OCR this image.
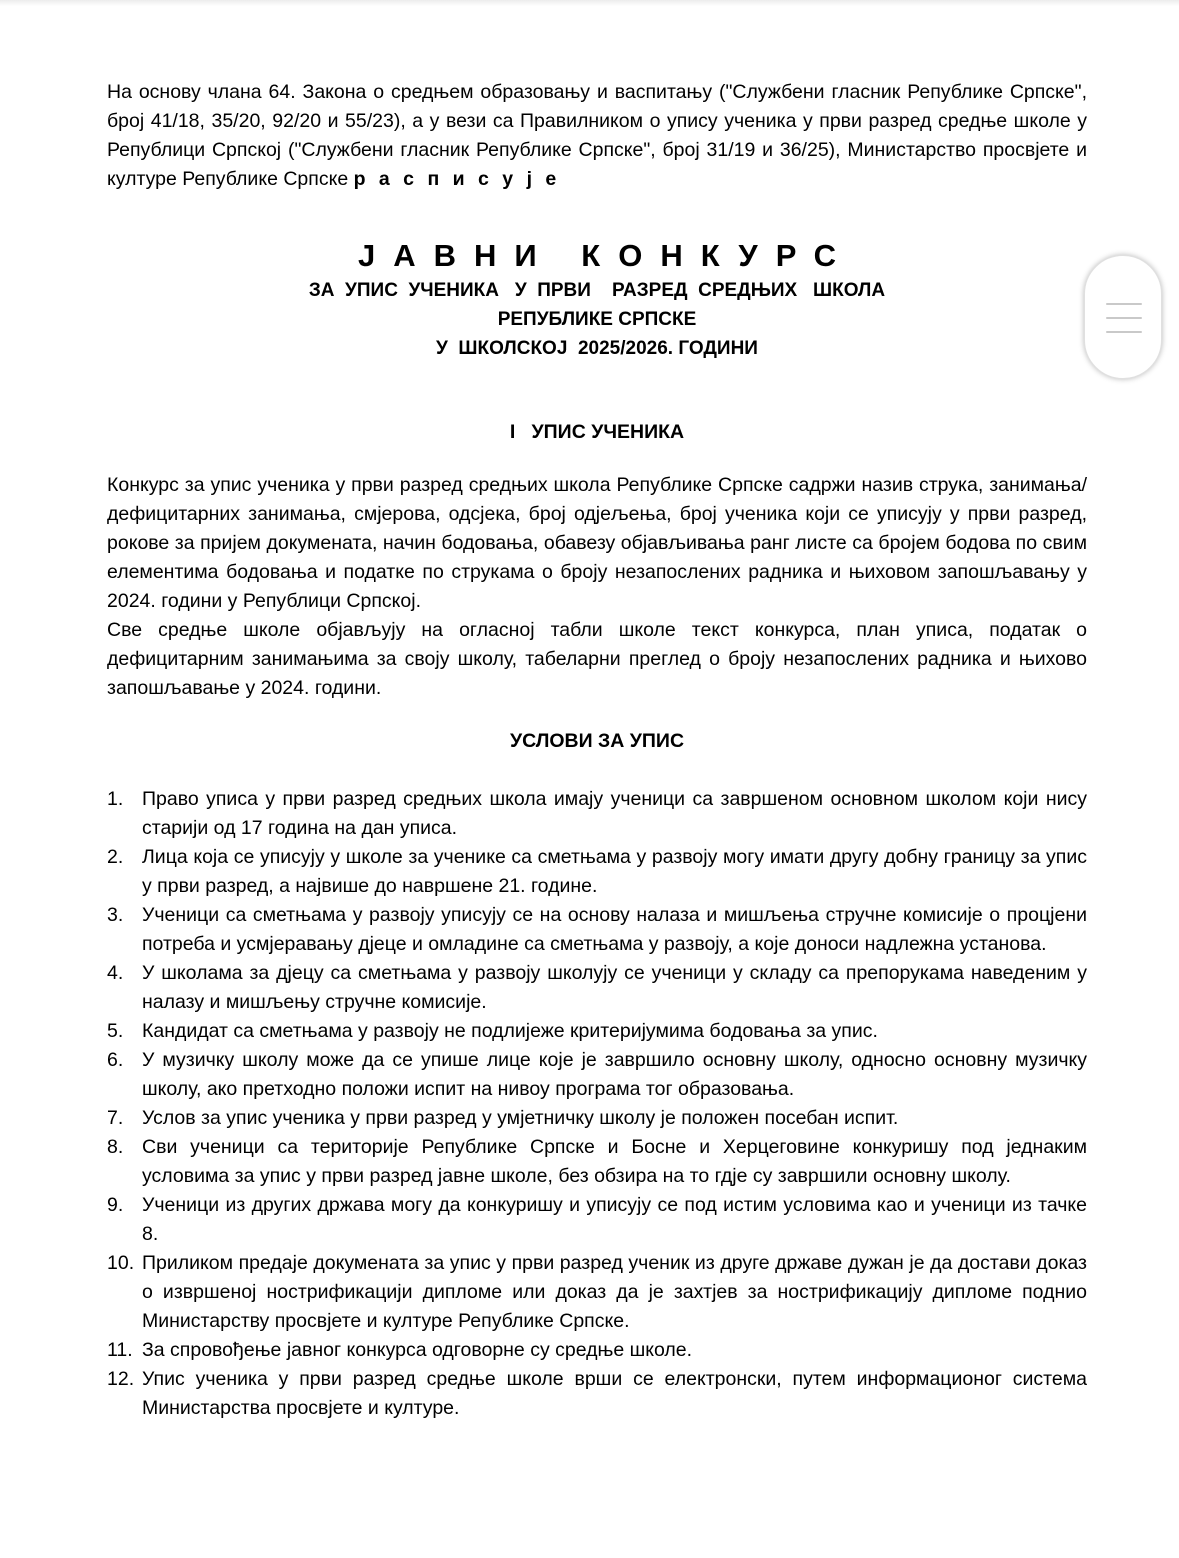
На основу члана 64. Закона о средњем образовању и васпитању ("Службени гласник Републике Српске", број 41/18, 35/20, 92/20 и 55/23), а у вези са Правилником о упису ученика у први разред средње школе у Републици Српској ("Службени гласник Републике Српске", број 31/19 и 36/25), Министарство просвјете и културе Републике Српске р а с п и с у ј е

ЈАВНИ КОНКУРС
ЗА  УПИС  УЧЕНИКА   У  ПРВИ    РАЗРЕД  СРЕДЊИХ   ШКОЛА
РЕПУБЛИКЕ СРПСКЕ
У  ШКОЛСКОЈ  2025/2026. ГОДИНИ
I   УПИС УЧЕНИКА

Конкурс за упис ученика у први разред средњих школа Републике Српске садржи назив струка, занимања/дефицитарних занимања, смјерова, одсјека, број одјељења, број ученика који се уписују у први разред, рокове за пријем докумената, начин бодовања, обавезу објављивања ранг листе са бројем бодова по свим елементима бодовања и податке по струкама о броју незапослених радника и њиховом запошљавању у 2024. години у Републици Српској.

Све средње школе објављују на огласној табли школе текст конкурса, план уписа, податак о дефицитарним занимањима за своју школу, табеларни преглед о броју незапослених радника и њихово запошљавање у 2024. години.

УСЛОВИ ЗА УПИС
1. Право уписа у први разред средњих школа имају ученици са завршеном основном школом који нису старији од 17 година на дан уписа.
2. Лица која се уписују у школе за ученике са сметњама у развоју могу имати другу добну границу за упис у први разред, а највише до навршене 21. године.
3. Ученици са сметњама у развоју уписују се на основу налаза и мишљења стручне комисије о процјени потреба и усмјеравању дјеце и омладине са сметњама у развоју, а које доноси надлежна установа.
4. У школама за дјецу са сметњама у развоју школују се ученици у складу са препорукама наведеним у налазу и мишљењу стручне комисије.
5. Кандидат са сметњама у развоју не подлијеже критеријумима бодовања за упис.
6. У музичку школу може да се упише лице које је завршило основну школу, односно основну музичку школу, ако претходно положи испит на нивоу програма тог образовања.
7. Услов за упис ученика у први разред у умјетничку школу је положен посебан испит.
8. Сви ученици са територије Републике Српске и Босне и Херцеговине конкуришу под једнаким условима за упис у први разред јавне школе, без обзира на то гдје су завршили основну школу.
9. Ученици из других држава могу да конкуришу и уписују се под истим условима као и ученици из тачке 8.
10. Приликом предаје докумената за упис у први разред ученик из друге државе дужан је да достави доказ о извршеној нострификацији дипломе или доказ да је захтјев за нострификацију дипломе поднио Министарству просвјете и културе Републике Српске.
11. За спровођење јавног конкурса одговорне су средње школе.
12. Упис ученика у први разред средње школе врши се електронски, путем информационог система Министарства просвјете и културе.
